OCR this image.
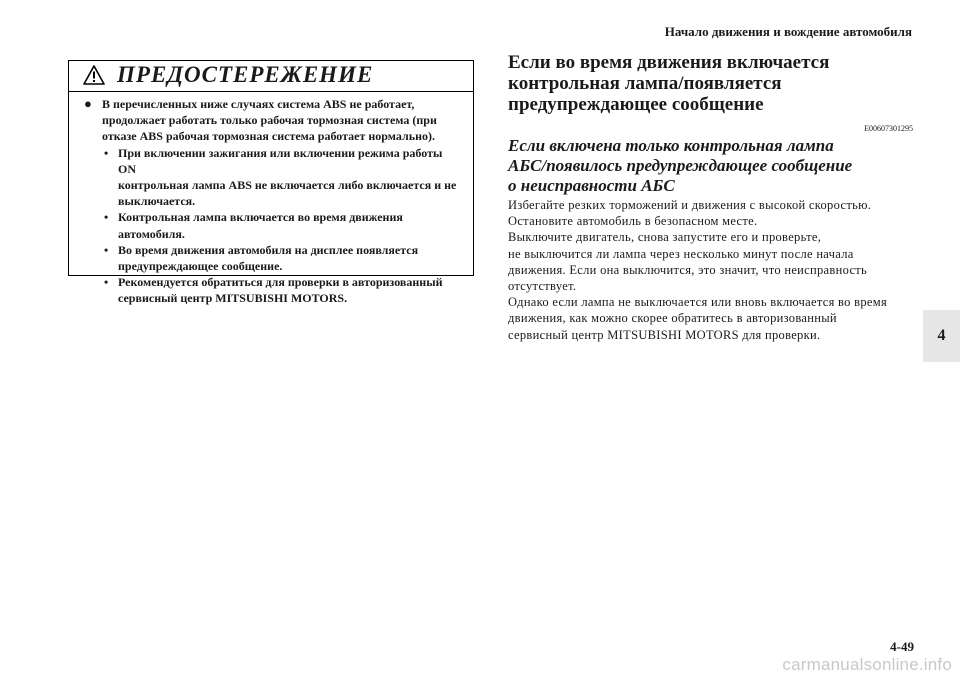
Начало движения и вождение автомобиля
ПРЕДОСТЕРЕЖЕНИЕ
● В перечисленных ниже случаях система ABS не работает,
продолжает работать только рабочая тормозная система (при
отказе ABS рабочая тормозная система работает нормально).
• При включении зажигания или включении режима работы ON
контрольная лампа ABS не включается либо включается и не
выключается.
• Контрольная лампа включается во время движения
автомобиля.
• Во время движения автомобиля на дисплее появляется
предупреждающее сообщение.
• Рекомендуется обратиться для проверки в авторизованный
сервисный центр MITSUBISHI MOTORS.
Если во время движения включается
контрольная лампа/появляется
предупреждающее сообщение
E00607301295
Если включена только контрольная лампа
АБС/появилось предупреждающее сообщение
о неисправности АБС
Избегайте резких торможений и движения с высокой скоростью.
Остановите автомобиль в безопасном месте.
Выключите двигатель, снова запустите его и проверьте,
не выключится ли лампа через несколько минут после начала
движения. Если она выключится, это значит, что неисправность
отсутствует.
Однако если лампа не выключается или вновь включается во время
движения, как можно скорее обратитесь в авторизованный
сервисный центр MITSUBISHI MOTORS для проверки.	4
4-49
carmanualsonline.info
